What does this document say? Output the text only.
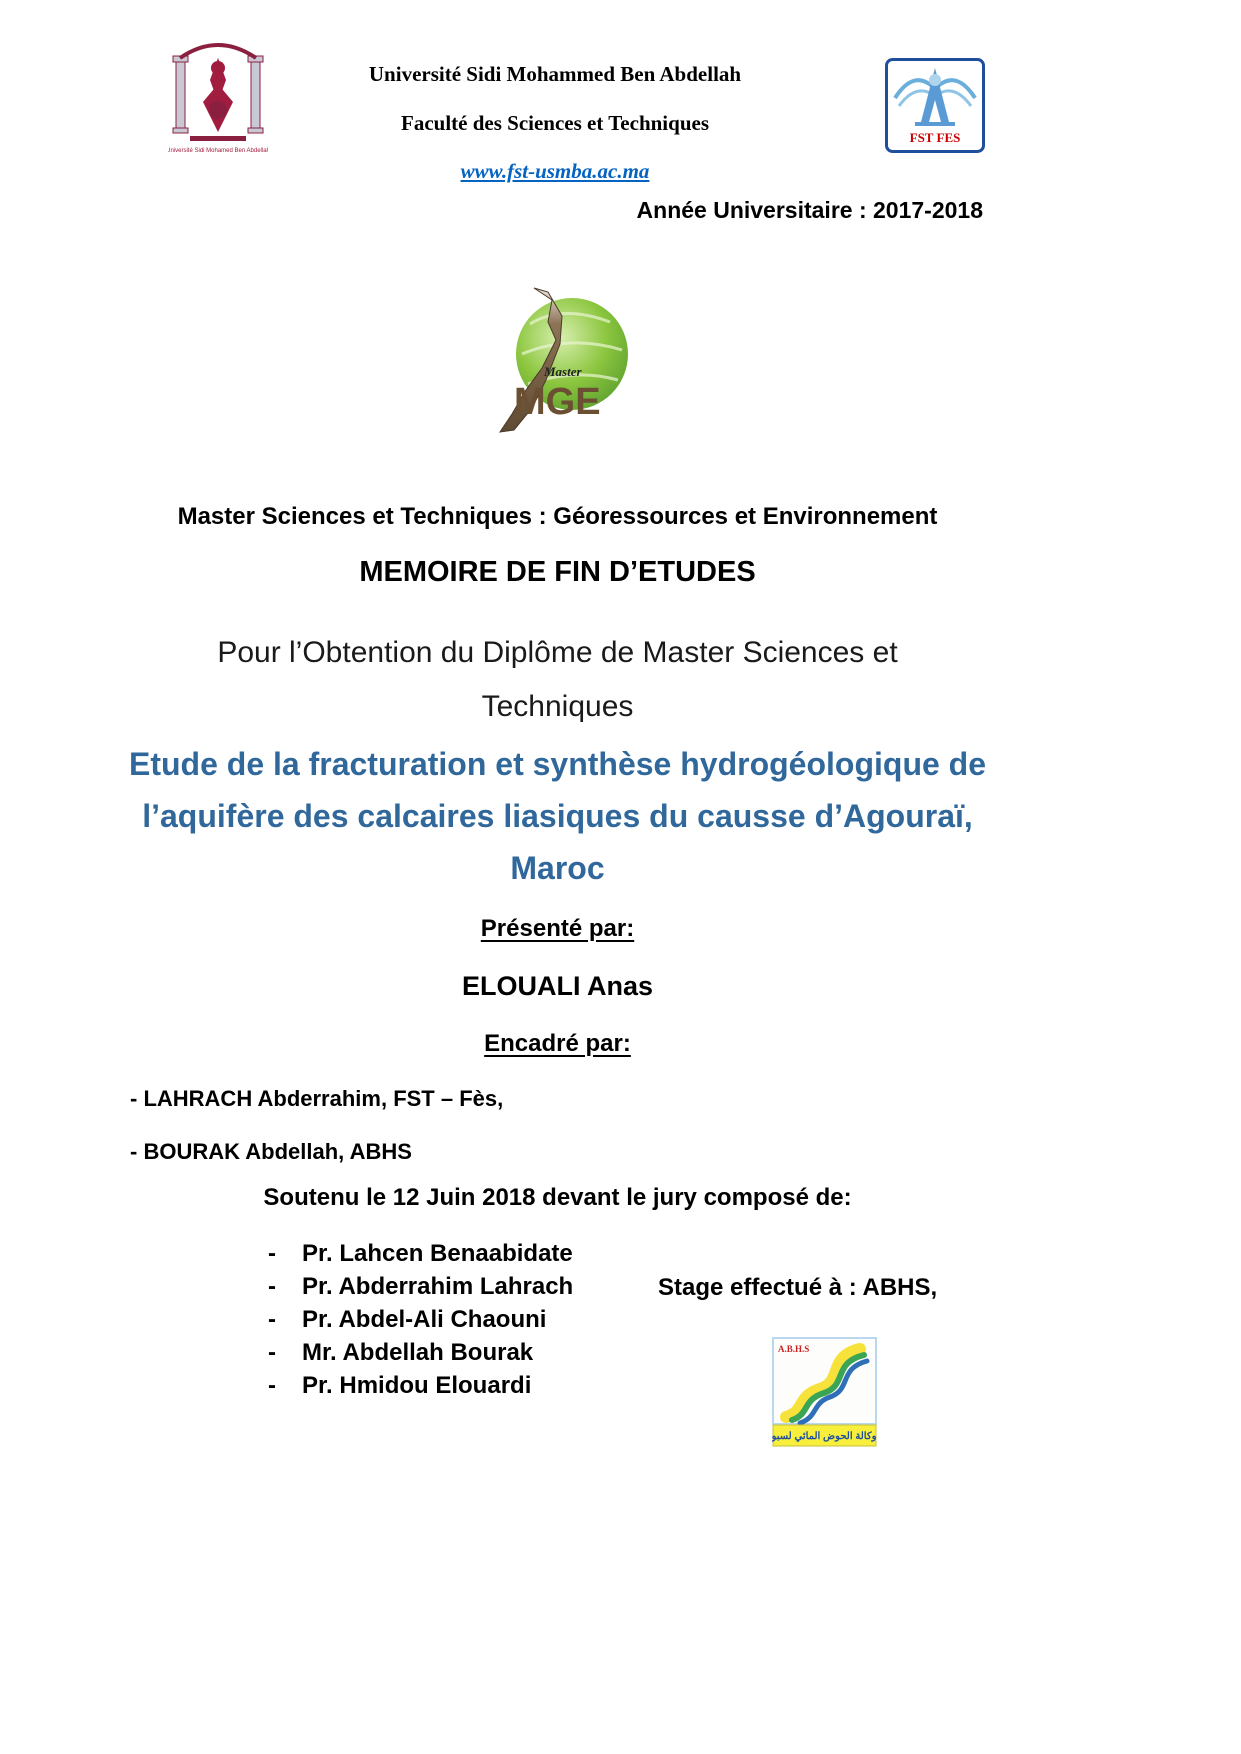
Université Sidi Mohamed Ben Abdellah
Université Sidi Mohammed Ben Abdellah
Faculté des Sciences et Techniques
www.fst-usmba.ac.ma
FST FES
Année Universitaire : 2017-2018
Master
MGE
Master Sciences et Techniques : Géoressources et Environnement
MEMOIRE DE FIN D’ETUDES
Pour l’Obtention du Diplôme de Master Sciences et
Techniques
Etude de la fracturation et synthèse hydrogéologique de
l’aquifère des calcaires liasiques du causse d’Agouraï,
Maroc
Présenté par:
ELOUALI Anas
Encadré par:
- LAHRACH Abderrahim, FST – Fès,
- BOURAK Abdellah, ABHS
Soutenu le 12 Juin 2018 devant le jury composé de:
-	Pr. Lahcen Benaabidate
-	Pr. Abderrahim Lahrach
-	Pr. Abdel-Ali Chaouni
-	Mr. Abdellah Bourak
-	Pr. Hmidou Elouardi
Stage effectué à : ABHS,
A.B.H.S
وكالة الحوض المائي لسبو
